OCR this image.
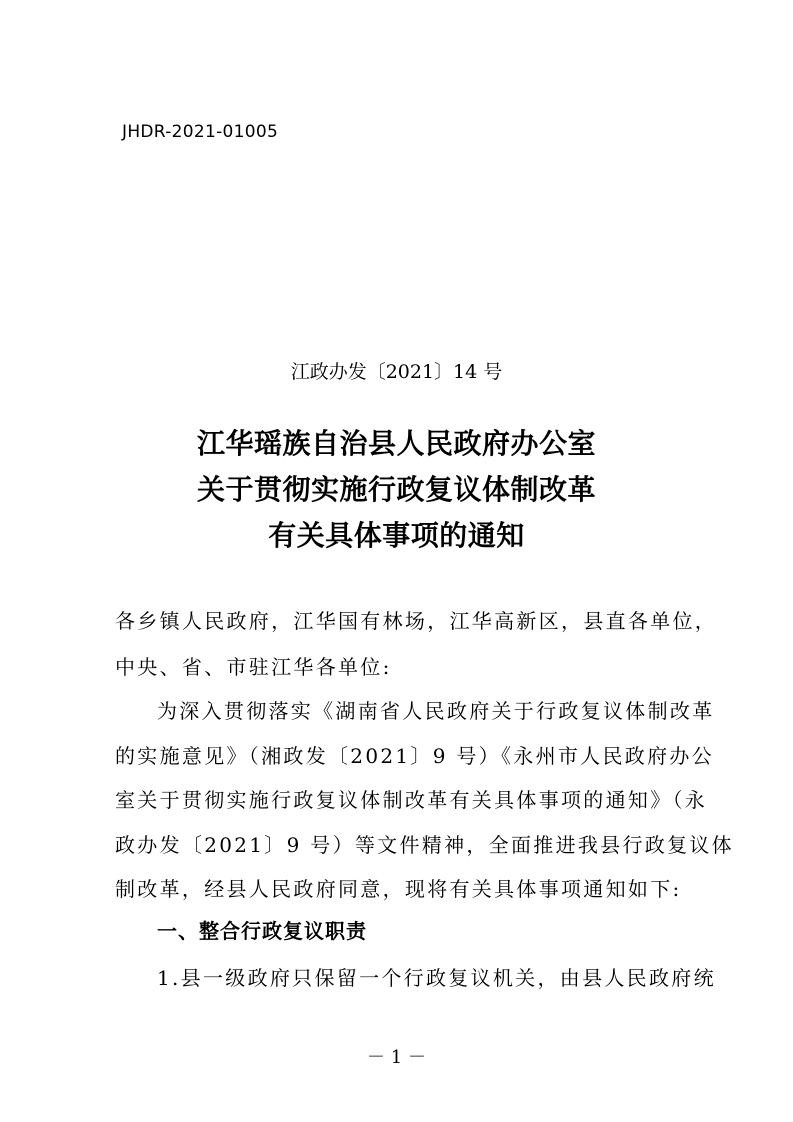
JHDR-2021-01005
江政办发〔2021〕14 号
江华瑶族自治县人民政府办公室
关于贯彻实施行政复议体制改革
有关具体事项的通知
各乡镇人民政府，江华国有林场，江华高新区，县直各单位，
中央、省、市驻江华各单位:
为深入贯彻落实《湖南省人民政府关于行政复议体制改革
的实施意见》（湘政发〔2021〕9 号）《永州市人民政府办公
室关于贯彻实施行政复议体制改革有关具体事项的通知》（永
政办发〔2021〕9 号）等文件精神，全面推进我县行政复议体
制改革，经县人民政府同意，现将有关具体事项通知如下:
一、整合行政复议职责
1.县一级政府只保留一个行政复议机关，由县人民政府统
－ 1 －
